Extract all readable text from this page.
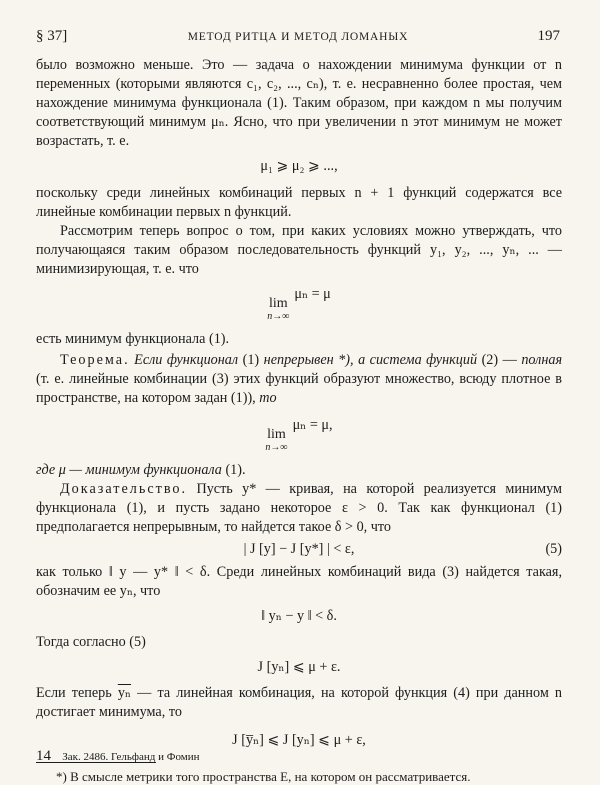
§ 37]	МЕТОД РИТЦА И МЕТОД ЛОМАНЫХ	197

было возможно меньше. Это — задача о нахождении минимума функции от n переменных (которыми являются c₁, c₂, ..., cₙ), т. е. несравненно более простая, чем нахождение минимума функционала (1). Таким образом, при каждом n мы получим соответствующий минимум μₙ. Ясно, что при увеличении n этот минимум не может возрастать, т. е.

μ₁ ⩾ μ₂ ⩾ ...,

поскольку среди линейных комбинаций первых n + 1 функций содержатся все линейные комбинации первых n функций.

Рассмотрим теперь вопрос о том, при каких условиях можно утверждать, что получающаяся таким образом последовательность функций y₁, y₂, ..., yₙ, ... — минимизирующая, т. е. что

lim
n→∞
μₙ = μ

есть минимум функционала (1).

Теорема. Если функционал (1) непрерывен *), а система функций (2) — полная (т. е. линейные комбинации (3) этих функций образуют множество, всюду плотное в пространстве, на котором задан (1)), то

lim
n→∞
μₙ = μ,

где μ — минимум функционала (1).

Доказательство. Пусть y* — кривая, на которой реализуется минимум функционала (1), и пусть задано некоторое ε > 0. Так как функционал (1) предполагается непрерывным, то найдется такое δ > 0, что

| J [y] − J [y*] | < ε,	(5)

как только ‖ y — y* ‖ < δ. Среди линейных комбинаций вида (3) найдется такая, обозначим ее yₙ, что

‖ yₙ − y ‖ < δ.

Тогда согласно (5)

J [yₙ] ⩽ μ + ε.

Если теперь $\overline{y_n}$ — та линейная комбинация, на которой функция (4) при данном n достигает минимума, то

J [y̅ₙ] ⩽ J [yₙ] ⩽ μ + ε,

*) В смысле метрики того пространства E, на котором он рассматривается.

14 Зак. 2486. Гельфанд и Фомин
